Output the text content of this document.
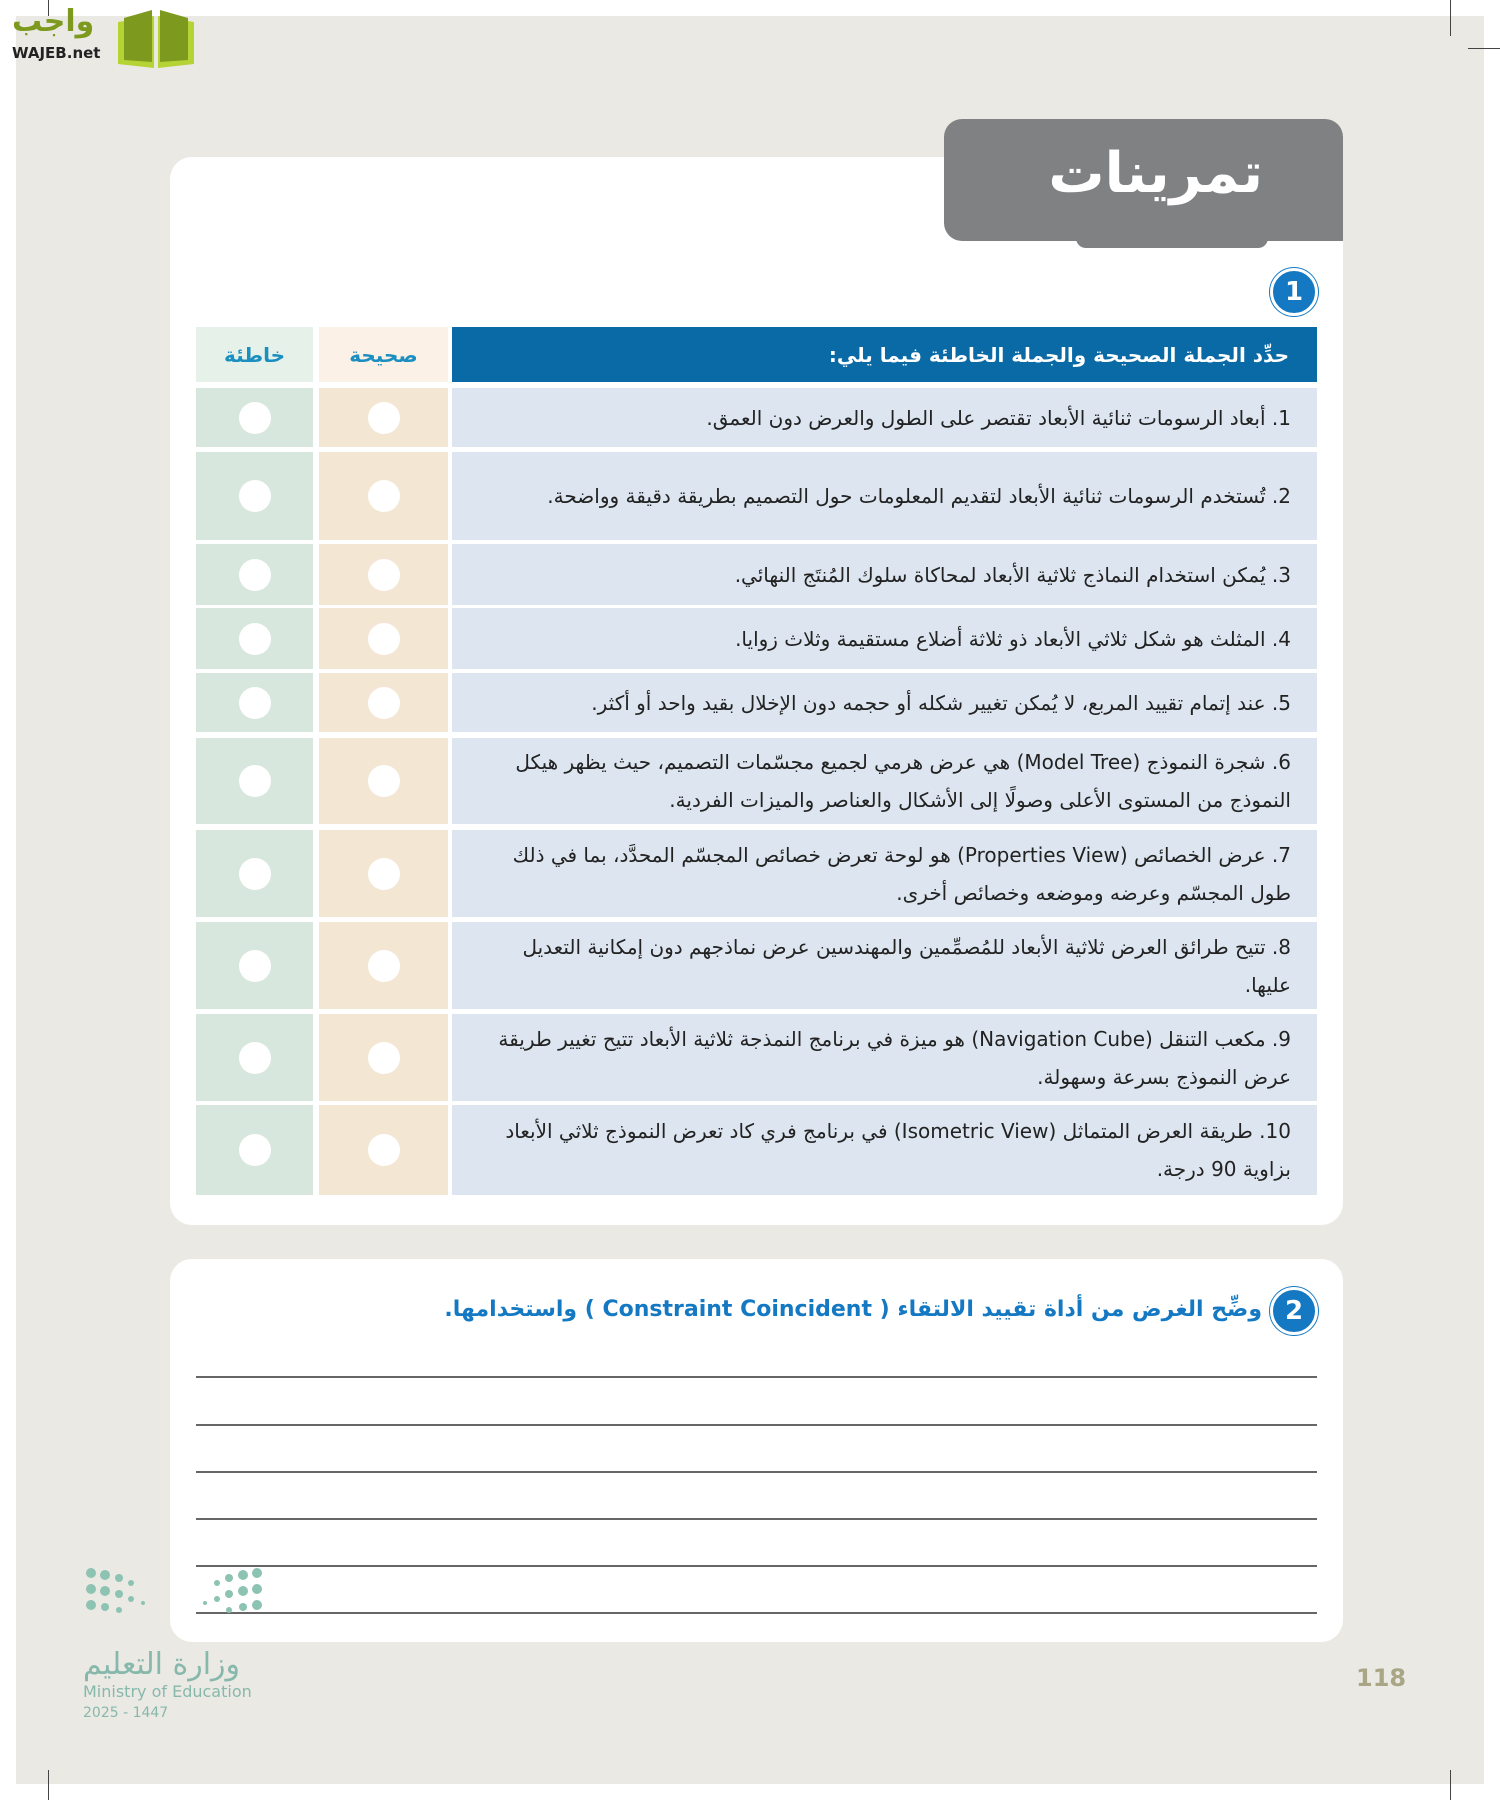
واجب
WAJEB.net
تمرينات
1
حدِّد الجملة الصحيحة والجملة الخاطئة فيما يلي:
صحيحة
خاطئة
1. أبعاد الرسومات ثنائية الأبعاد تقتصر على الطول والعرض دون العمق.
2. تُستخدم الرسومات ثنائية الأبعاد لتقديم المعلومات حول التصميم بطريقة دقيقة وواضحة.
3. يُمكن استخدام النماذج ثلاثية الأبعاد لمحاكاة سلوك المُنتَج النهائي.
4. المثلث هو شكل ثلاثي الأبعاد ذو ثلاثة أضلاع مستقيمة وثلاث زوايا.
5. عند إتمام تقييد المربع، لا يُمكن تغيير شكله أو حجمه دون الإخلال بقيد واحد أو أكثر.
6. شجرة النموذج (Model Tree) هي عرض هرمي لجميع مجسّمات التصميم، حيث يظهر هيكل النموذج من المستوى الأعلى وصولًا إلى الأشكال والعناصر والميزات الفردية.
7. عرض الخصائص (Properties View) هو لوحة تعرض خصائص المجسّم المحدَّد، بما في ذلك طول المجسّم وعرضه وموضعه وخصائص أخرى.
8. تتيح طرائق العرض ثلاثية الأبعاد للمُصمِّمين والمهندسين عرض نماذجهم دون إمكانية التعديل عليها.
9. مكعب التنقل (Navigation Cube) هو ميزة في برنامج النمذجة ثلاثية الأبعاد تتيح تغيير طريقة عرض النموذج بسرعة وسهولة.
10. طريقة العرض المتماثل (Isometric View) في برنامج فري كاد تعرض النموذج ثلاثي الأبعاد بزاوية 90 درجة.
2
وضِّح الغرض من أداة تقييد الالتقاء ( Constraint Coincident ) واستخدامها.
وزارة التعليم
Ministry of Education
2025 - 1447
118
